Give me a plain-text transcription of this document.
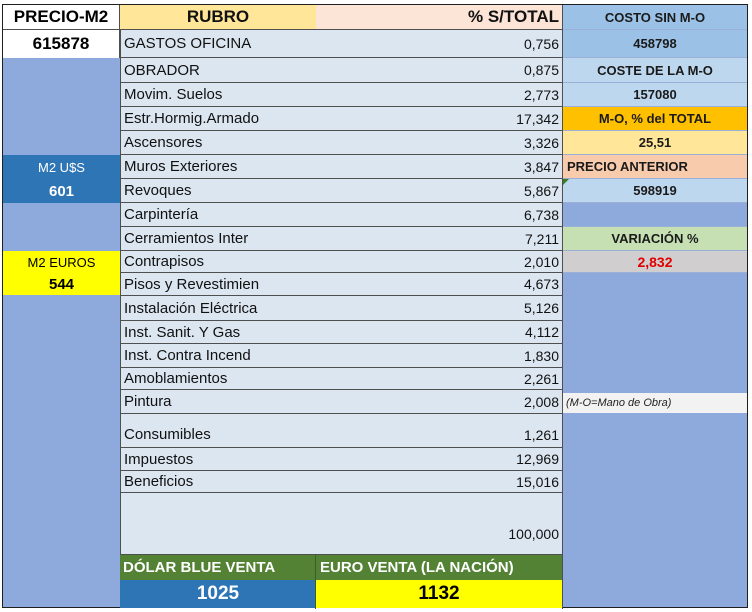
PRECIO-M2
615878
M2 U$S
601
M2 EUROS
544
RUBRO	% S/TOTAL
GASTOS OFICINA	0,756
OBRADOR	0,875
Movim. Suelos	2,773
Estr.Hormig.Armado	17,342
Ascensores	3,326
Muros Exteriores	3,847
Revoques	5,867
Carpintería	6,738
Cerramientos Inter	7,211
Contrapisos	2,010
Pisos y Revestimien	4,673
Instalación Eléctrica	5,126
Inst. Sanit. Y Gas	4,112
Inst. Contra Incend	1,830
Amoblamientos	2,261
Pintura	2,008
Consumibles	1,261
Impuestos	12,969
Beneficios	15,016
100,000
DÓLAR BLUE VENTA	EURO VENTA (LA NACIÓN)
1025	1132
COSTO SIN M-O
458798
COSTE DE LA M-O
157080
M-O, % del TOTAL
25,51
PRECIO ANTERIOR
598919
VARIACIÓN %
2,832
(M-O=Mano de Obra)
